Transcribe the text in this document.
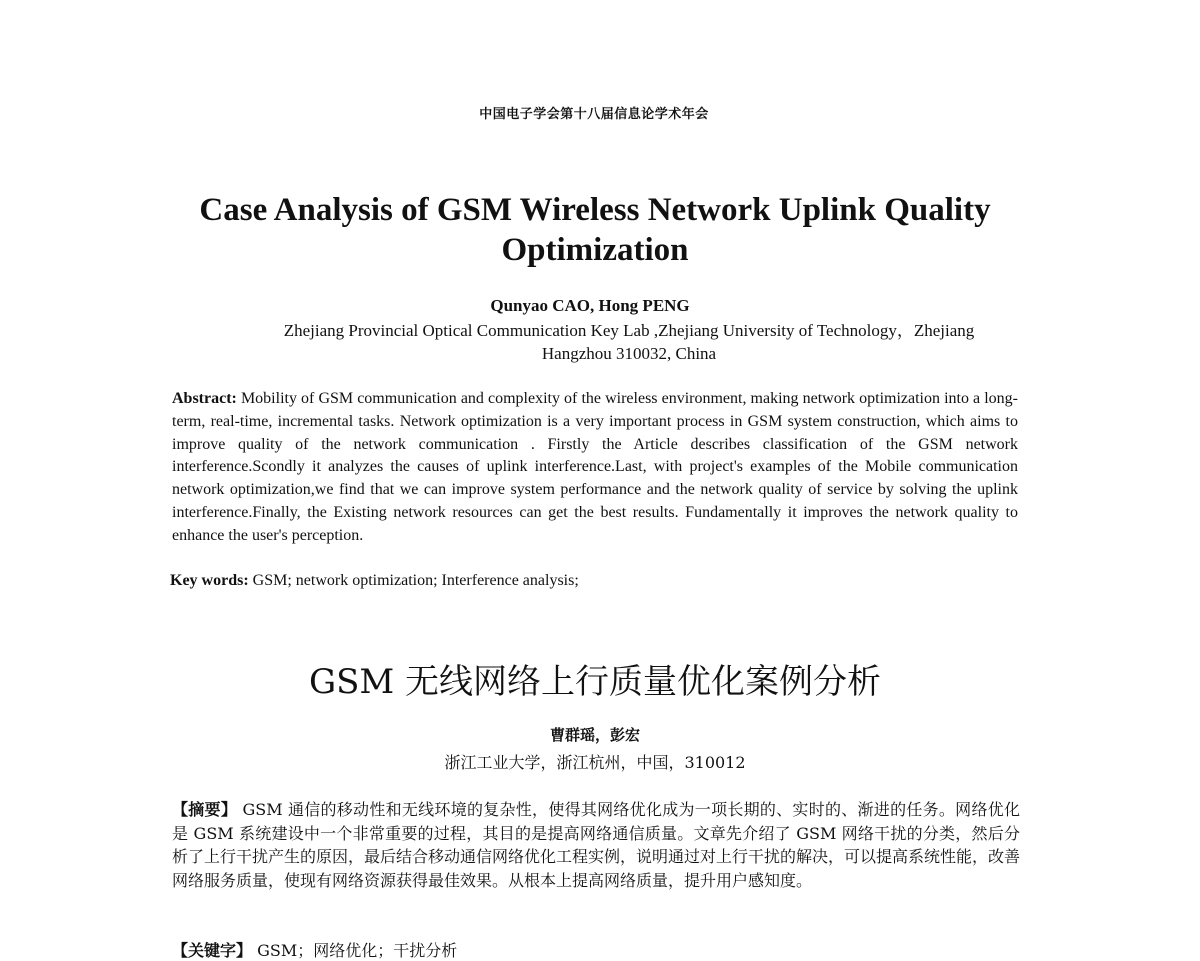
中国电子学会第十八届信息论学术年会
Case Analysis of GSM Wireless Network Uplink Quality Optimization
Qunyao CAO, Hong PENG
Zhejiang Provincial Optical Communication Key Lab ,Zhejiang University of Technology，Zhejiang
Hangzhou 310032, China
Abstract: Mobility of GSM communication and complexity of the wireless environment, making network optimization into a long-term, real-time, incremental tasks. Network optimization is a very important process in GSM system construction, which aims to improve quality of the network communication . Firstly the Article describes classification of the GSM network interference.Scondly it analyzes the causes of uplink interference.Last, with project's examples of the Mobile communication network optimization,we find that we can improve system performance and the network quality of service by solving the uplink interference.Finally, the Existing network resources can get the best results. Fundamentally it improves the network quality to enhance the user's perception.
Key words: GSM; network optimization; Interference analysis;
GSM 无线网络上行质量优化案例分析
曹群瑶，彭宏
浙江工业大学，浙江杭州，中国，310012
【摘要】 GSM 通信的移动性和无线环境的复杂性，使得其网络优化成为一项长期的、实时的、渐进的任务。网络优化是 GSM 系统建设中一个非常重要的过程，其目的是提高网络通信质量。文章先介绍了 GSM 网络干扰的分类，然后分析了上行干扰产生的原因，最后结合移动通信网络优化工程实例，说明通过对上行干扰的解决，可以提高系统性能，改善网络服务质量，使现有网络资源获得最佳效果。从根本上提高网络质量，提升用户感知度。
【关键字】 GSM；网络优化；干扰分析
